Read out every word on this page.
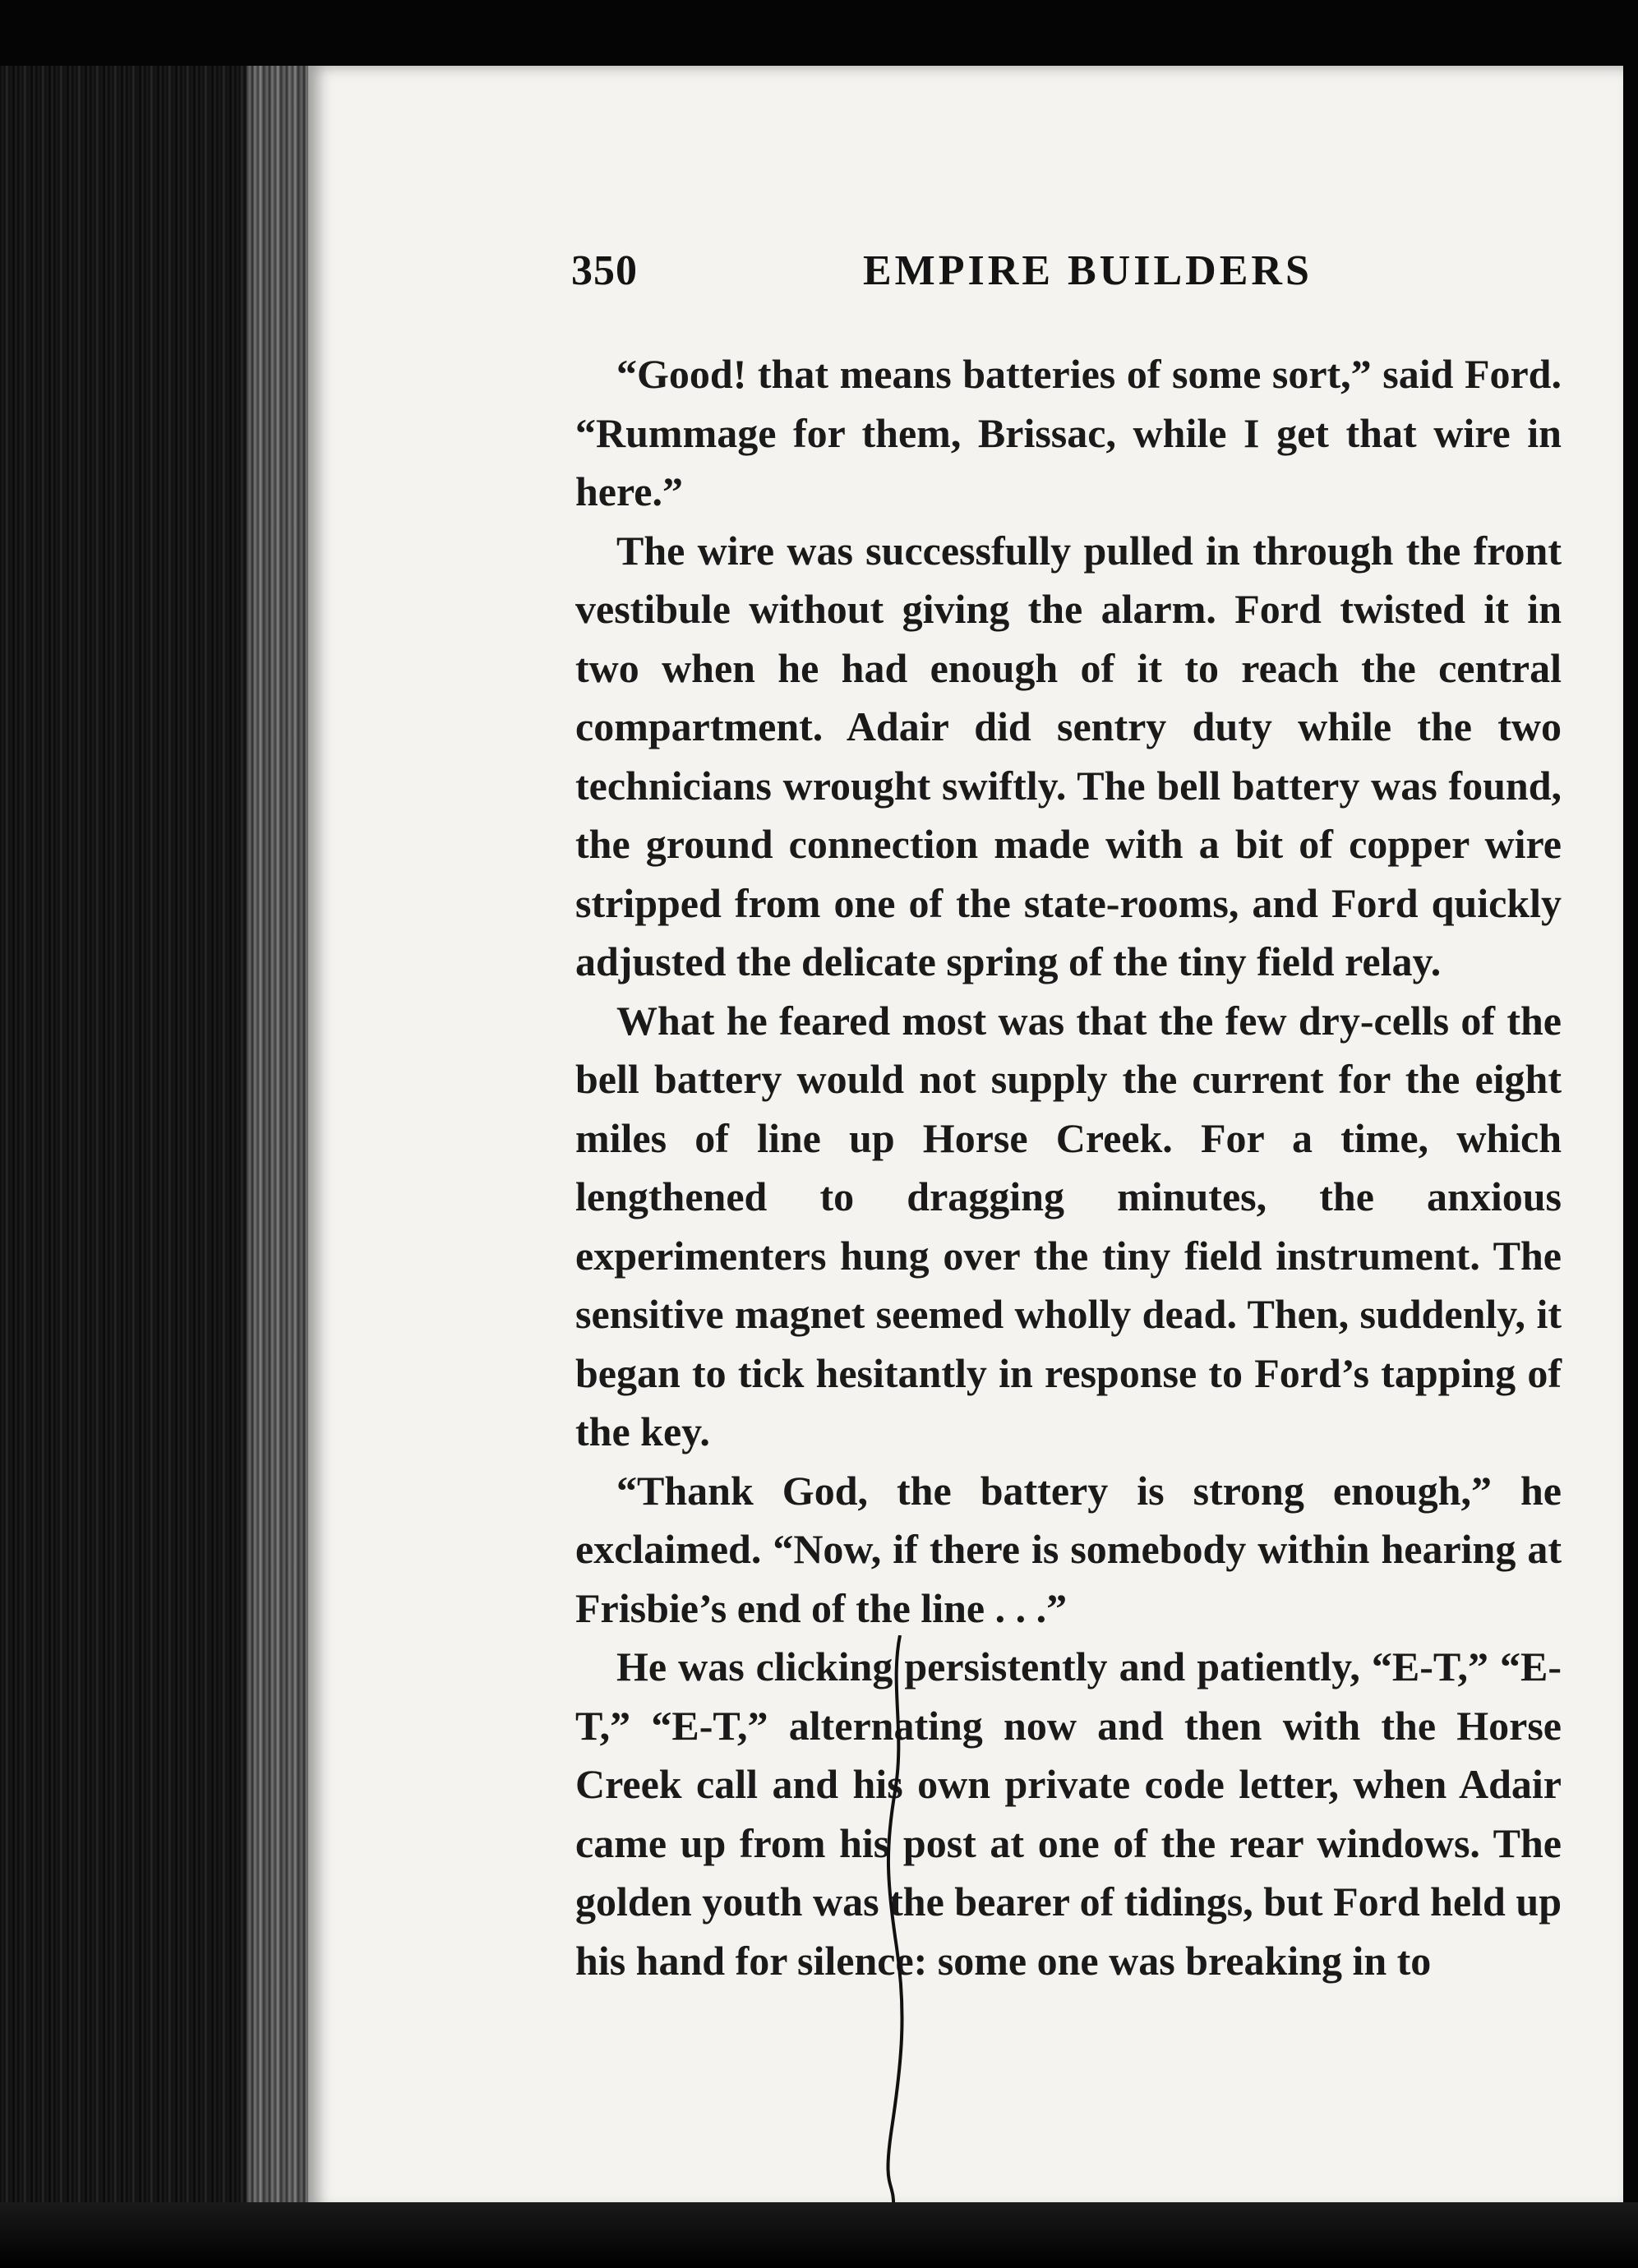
350	EMPIRE BUILDERS

“Good! that means batteries of some sort,” said Ford. “Rummage for them, Brissac, while I get that wire in here.”

The wire was successfully pulled in through the front vestibule without giving the alarm. Ford twisted it in two when he had enough of it to reach the central compartment. Adair did sentry duty while the two technicians wrought swiftly. The bell battery was found, the ground connection made with a bit of copper wire stripped from one of the state-rooms, and Ford quickly adjusted the delicate spring of the tiny field relay.

What he feared most was that the few dry-cells of the bell battery would not supply the current for the eight miles of line up Horse Creek. For a time, which lengthened to dragging minutes, the anxious experimenters hung over the tiny field instrument. The sensitive magnet seemed wholly dead. Then, suddenly, it began to tick hesitantly in response to Ford’s tapping of the key.

“Thank God, the battery is strong enough,” he exclaimed. “Now, if there is somebody within hearing at Frisbie’s end of the line . . .”

He was clicking persistently and patiently, “E-T,” “E-T,” “E-T,” alternating now and then with the Horse Creek call and his own private code letter, when Adair came up from his post at one of the rear windows. The golden youth was the bearer of tidings, but Ford held up his hand for silence: some one was breaking in to
